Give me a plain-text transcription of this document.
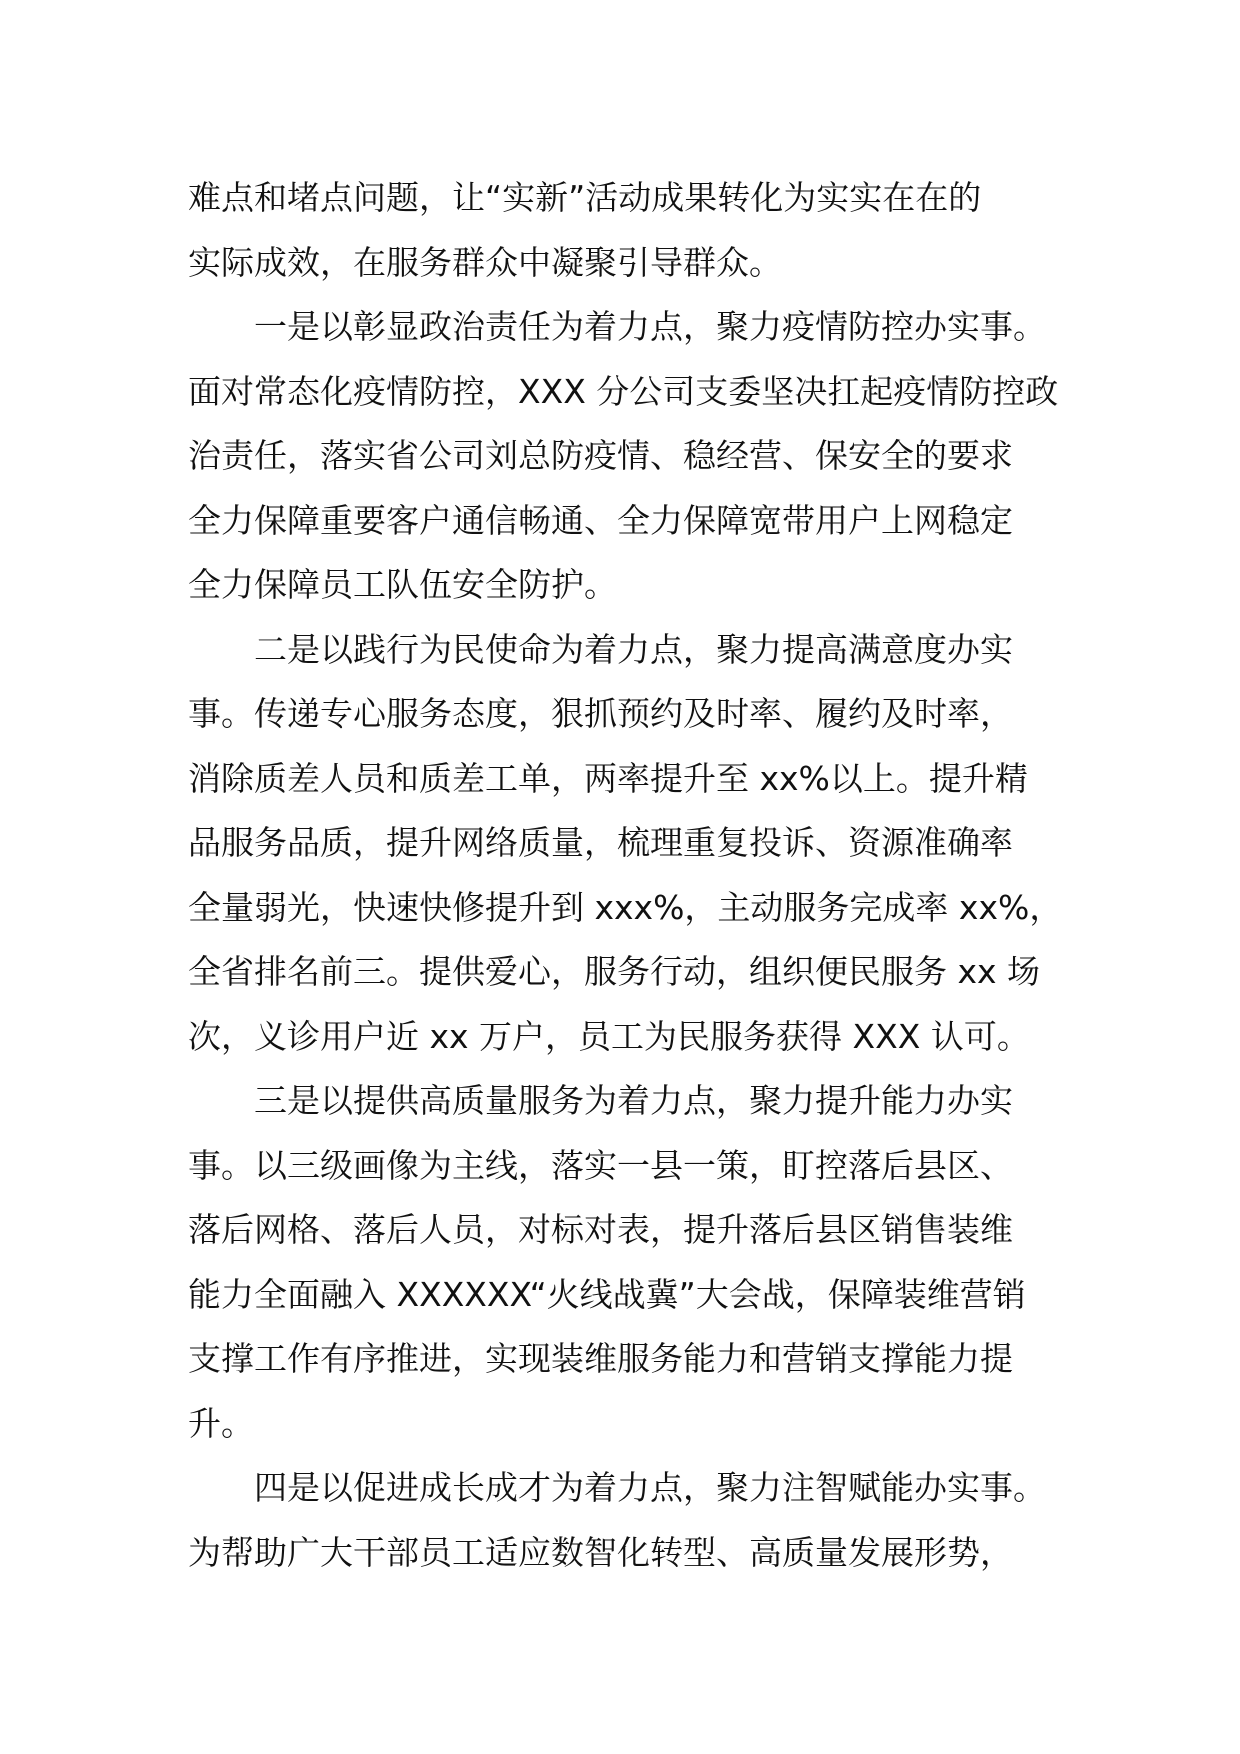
难点和堵点问题，让“实新”活动成果转化为实实在在的
实际成效，在服务群众中凝聚引导群众。
一是以彰显政治责任为着力点，聚力疫情防控办实事。
面对常态化疫情防控，XXX 分公司支委坚决扛起疫情防控政
治责任，落实省公司刘总防疫情、稳经营、保安全的要求
全力保障重要客户通信畅通、全力保障宽带用户上网稳定
全力保障员工队伍安全防护。
二是以践行为民使命为着力点，聚力提高满意度办实
事。传递专心服务态度，狠抓预约及时率、履约及时率，
消除质差人员和质差工单，两率提升至 xx%以上。提升精
品服务品质，提升网络质量，梳理重复投诉、资源准确率
全量弱光，快速快修提升到 xxx%，主动服务完成率 xx%，
全省排名前三。提供爱心，服务行动，组织便民服务 xx 场
次，义诊用户近 xx 万户，员工为民服务获得 XXX 认可。
三是以提供高质量服务为着力点，聚力提升能力办实
事。以三级画像为主线，落实一县一策，盯控落后县区、
落后网格、落后人员，对标对表，提升落后县区销售装维
能力全面融入 XXXXXX“火线战冀”大会战，保障装维营销
支撑工作有序推进，实现装维服务能力和营销支撑能力提
升。
四是以促进成长成才为着力点，聚力注智赋能办实事。
为帮助广大干部员工适应数智化转型、高质量发展形势，
